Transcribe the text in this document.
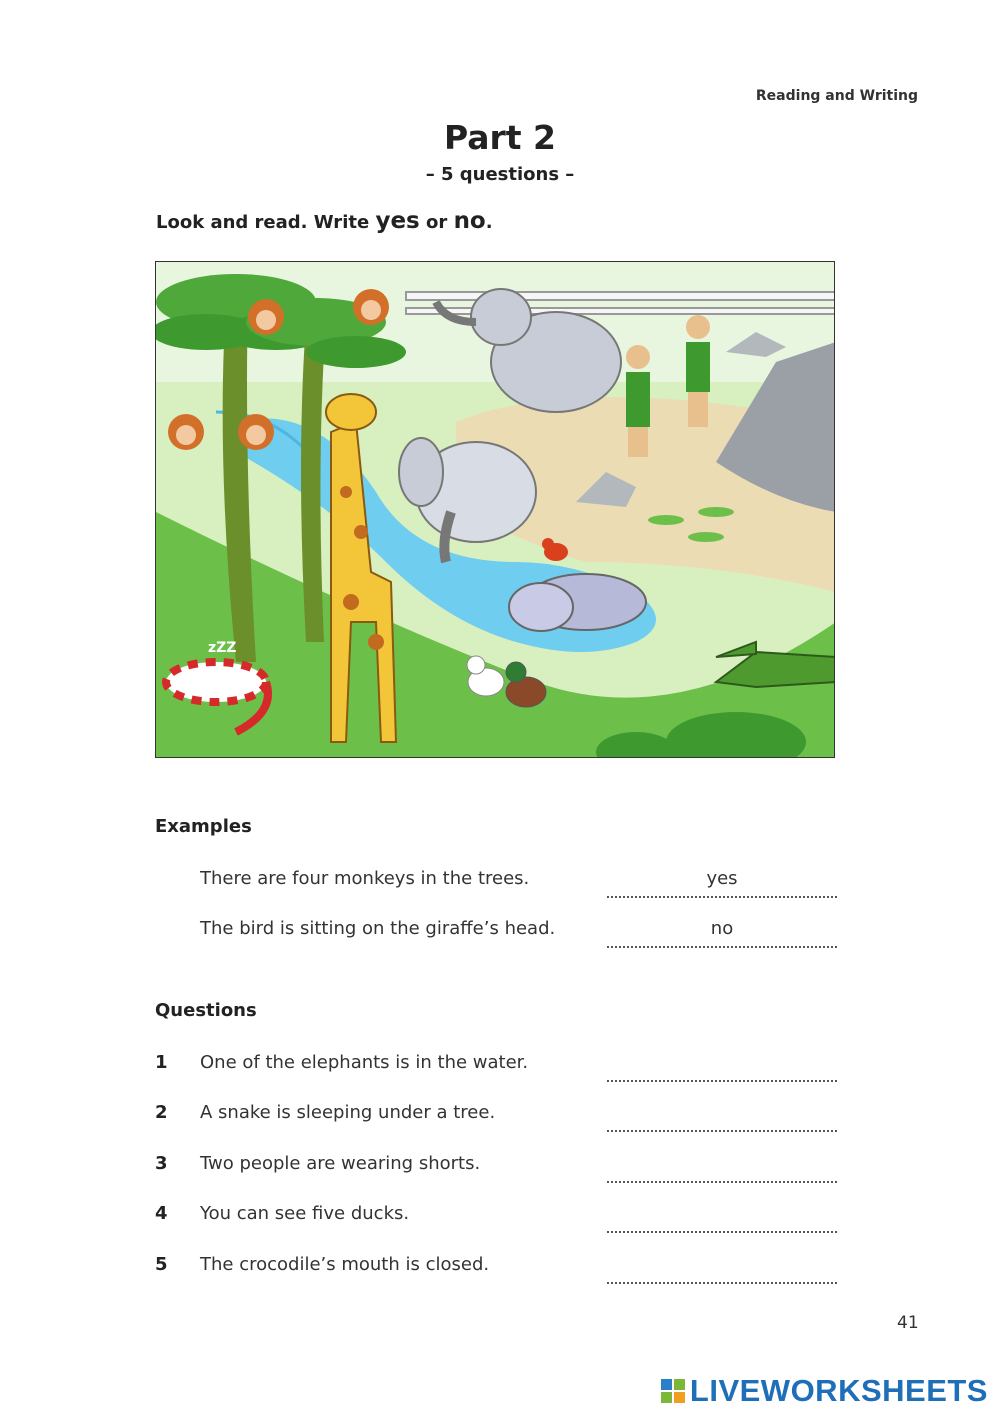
Reading and Writing
Part 2
– 5 questions –
Look and read. Write yes or no.
zZZ
Examples
There are four monkeys in the trees.	yes
The bird is sitting on the giraffe’s head.	no
Questions
1 One of the elephants is in the water.
2 A snake is sleeping under a tree.
3 Two people are wearing shorts.
4 You can see five ducks.
5 The crocodile’s mouth is closed.
41
LIVEWORKSHEETS
